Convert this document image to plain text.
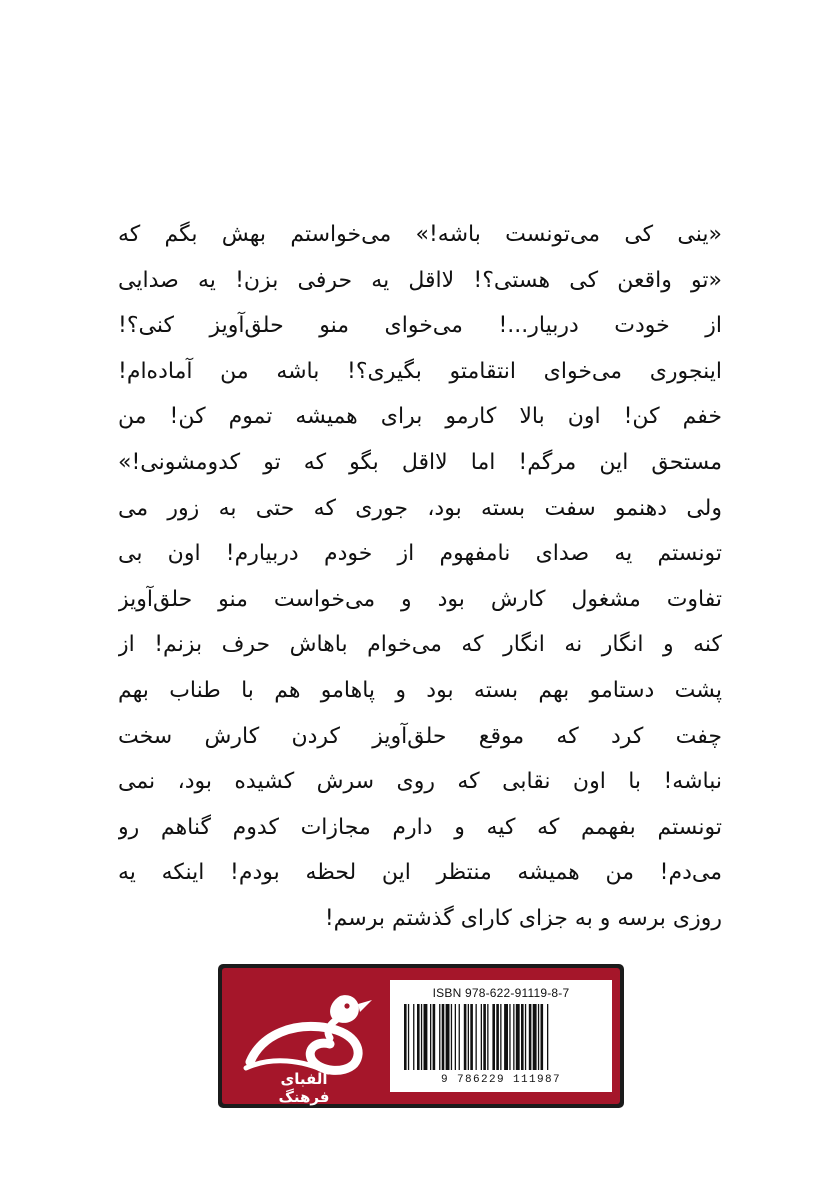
«ینی کی می‌تونست باشه!» می‌خواستم بهش بگم که
«تو واقعن کی هستی؟! لااقل یه حرفی بزن! یه صدایی
از خودت دربیار...! می‌خوای منو حلق‌آویز کنی؟!
اینجوری می‌خوای انتقامتو بگیری؟! باشه من آماده‌ام!
خفم کن! اون بالا کارمو برای همیشه تموم کن! من
مستحق این مرگم! اما لااقل بگو که تو کدومشونی!»
ولی دهنمو سفت بسته بود، جوری که حتی به زور می
تونستم یه صدای نامفهوم از خودم دربیارم! اون بی
تفاوت مشغول کارش بود و می‌خواست منو حلق‌آویز
کنه و انگار نه انگار که می‌خوام باهاش حرف بزنم! از
پشت دستامو بهم بسته بود و پاهامو هم با طناب بهم
چفت کرد که موقع حلق‌آویز کردن کارش سخت
نباشه! با اون نقابی که روی سرش کشیده بود، نمی
تونستم بفهمم که کیه و دارم مجازات کدوم گناهم رو
می‌دم! من همیشه منتظر این لحظه بودم! اینکه یه
روزی برسه و به جزای کارای گذشتم برسم!
الفبای فرهنگ
ISBN 978-622-91119-8-7
9 786229 111987
